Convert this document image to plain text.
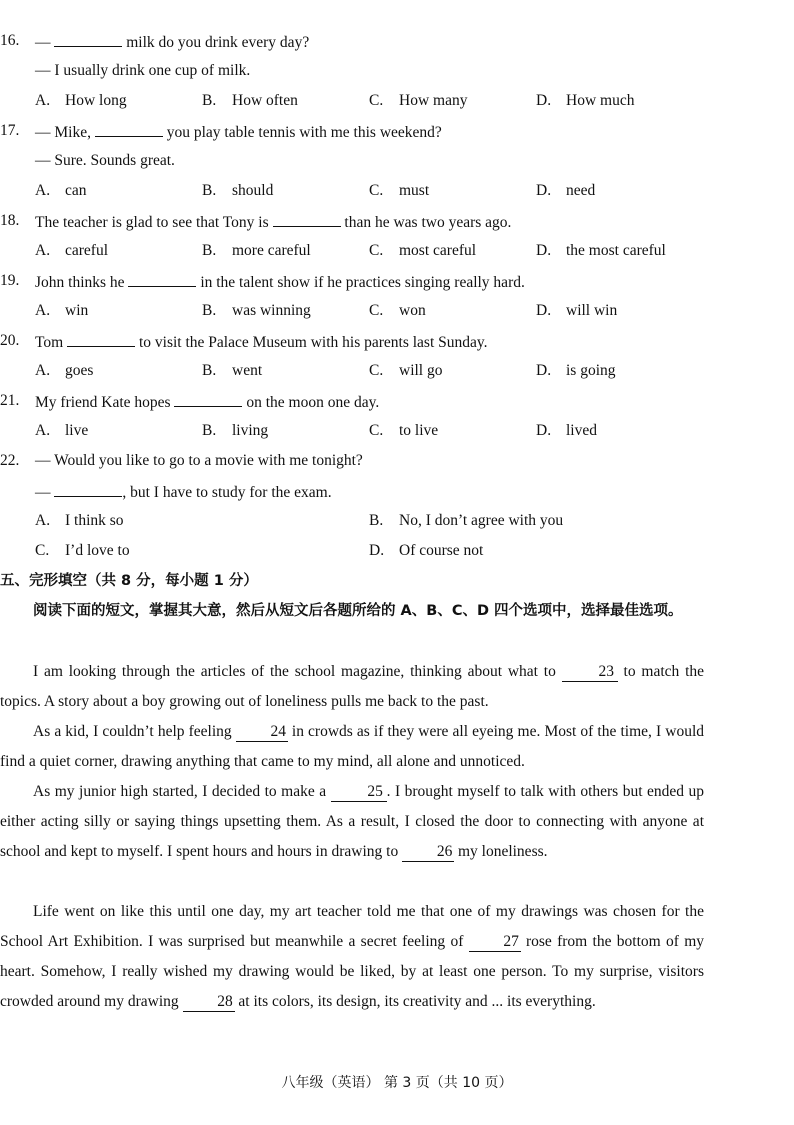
16. —	milk do you drink every day?
— I usually drink one cup of milk.
A. How long	B. How often	C. How many	D. How much
17. — Mike,	you play table tennis with me this weekend?
— Sure. Sounds great.
A. can	B. should	C. must	D. need
18. The teacher is glad to see that Tony is	than he was two years ago.
A. careful	B. more careful	C. most careful	D. the most careful
19. John thinks he	in the talent show if he practices singing really hard.
A. win	B. was winning	C. won	D. will win
20. Tom	to visit the Palace Museum with his parents last Sunday.
A. goes	B. went	C. will go	D. is going
21. My friend Kate hopes	on the moon one day.
A. live	B. living	C. to live	D. lived
22. — Would you like to go to a movie with me tonight?
—	, but I have to study for the exam.
A. I think so	B. No, I don’t agree with you
C. I’d love to	D. Of course not
五、完形填空（共 8 分，每小题 1 分）
阅读下面的短文，掌握其大意，然后从短文后各题所给的 A、B、C、D 四个选项中，选择最佳选项。
I am looking through the articles of the school magazine, thinking about what to	23 to match the topics. A story about a boy growing out of loneliness pulls me back to the past.
As a kid, I couldn’t help feeling	24 in crowds as if they were all eyeing me. Most of the time, I would find a quiet corner, drawing anything that came to my mind, all alone and unnoticed.
As my junior high started, I decided to make a	25 . I brought myself to talk with others but ended up either acting silly or saying things upsetting them. As a result, I closed the door to connecting with anyone at school and kept to myself. I spent hours and hours in drawing to 26 my loneliness.
Life went on like this until one day, my art teacher told me that one of my drawings was chosen for the School Art Exhibition. I was surprised but meanwhile a secret feeling of	27 rose from the bottom of my heart. Somehow, I really wished my drawing would be liked, by at least one person. To my surprise, visitors crowded around my drawing 28 at its colors, its design, its creativity and ... its everything.
八年级（英语） 第 3 页（共 10 页）
